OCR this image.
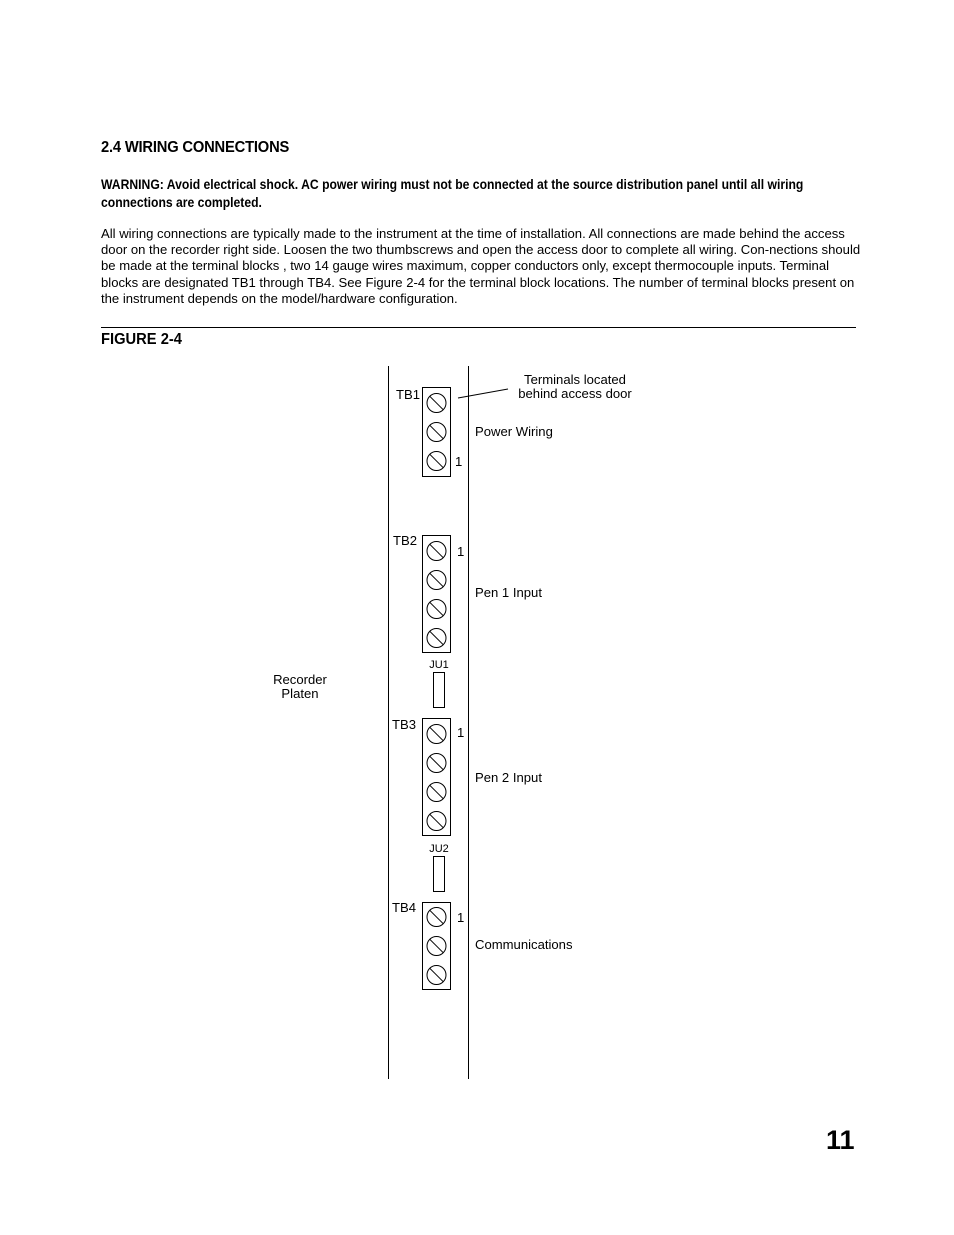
2.4 WIRING CONNECTIONS
WARNING: Avoid electrical shock. AC power wiring must not be connected at the source distribution panel until all wiring connections are completed.
All wiring connections are typically made to the instrument at the time of installation. All connections are made behind the access door on the recorder right side. Loosen the two thumbscrews and open the access door to complete all wiring. Con-nections should be made at the terminal blocks , two 14 gauge wires maximum, copper conductors only, except thermocouple inputs. Terminal blocks are designated TB1 through TB4. See Figure 2-4 for the terminal block locations. The number of terminal blocks present on the instrument depends on the model/hardware configuration.
FIGURE 2-4
Terminals located
behind access door
Recorder
Platen
TB1
1
Power Wiring
TB2
1
Pen 1 Input
JU1
TB3
1
Pen 2 Input
JU2
TB4
1
Communications
11
